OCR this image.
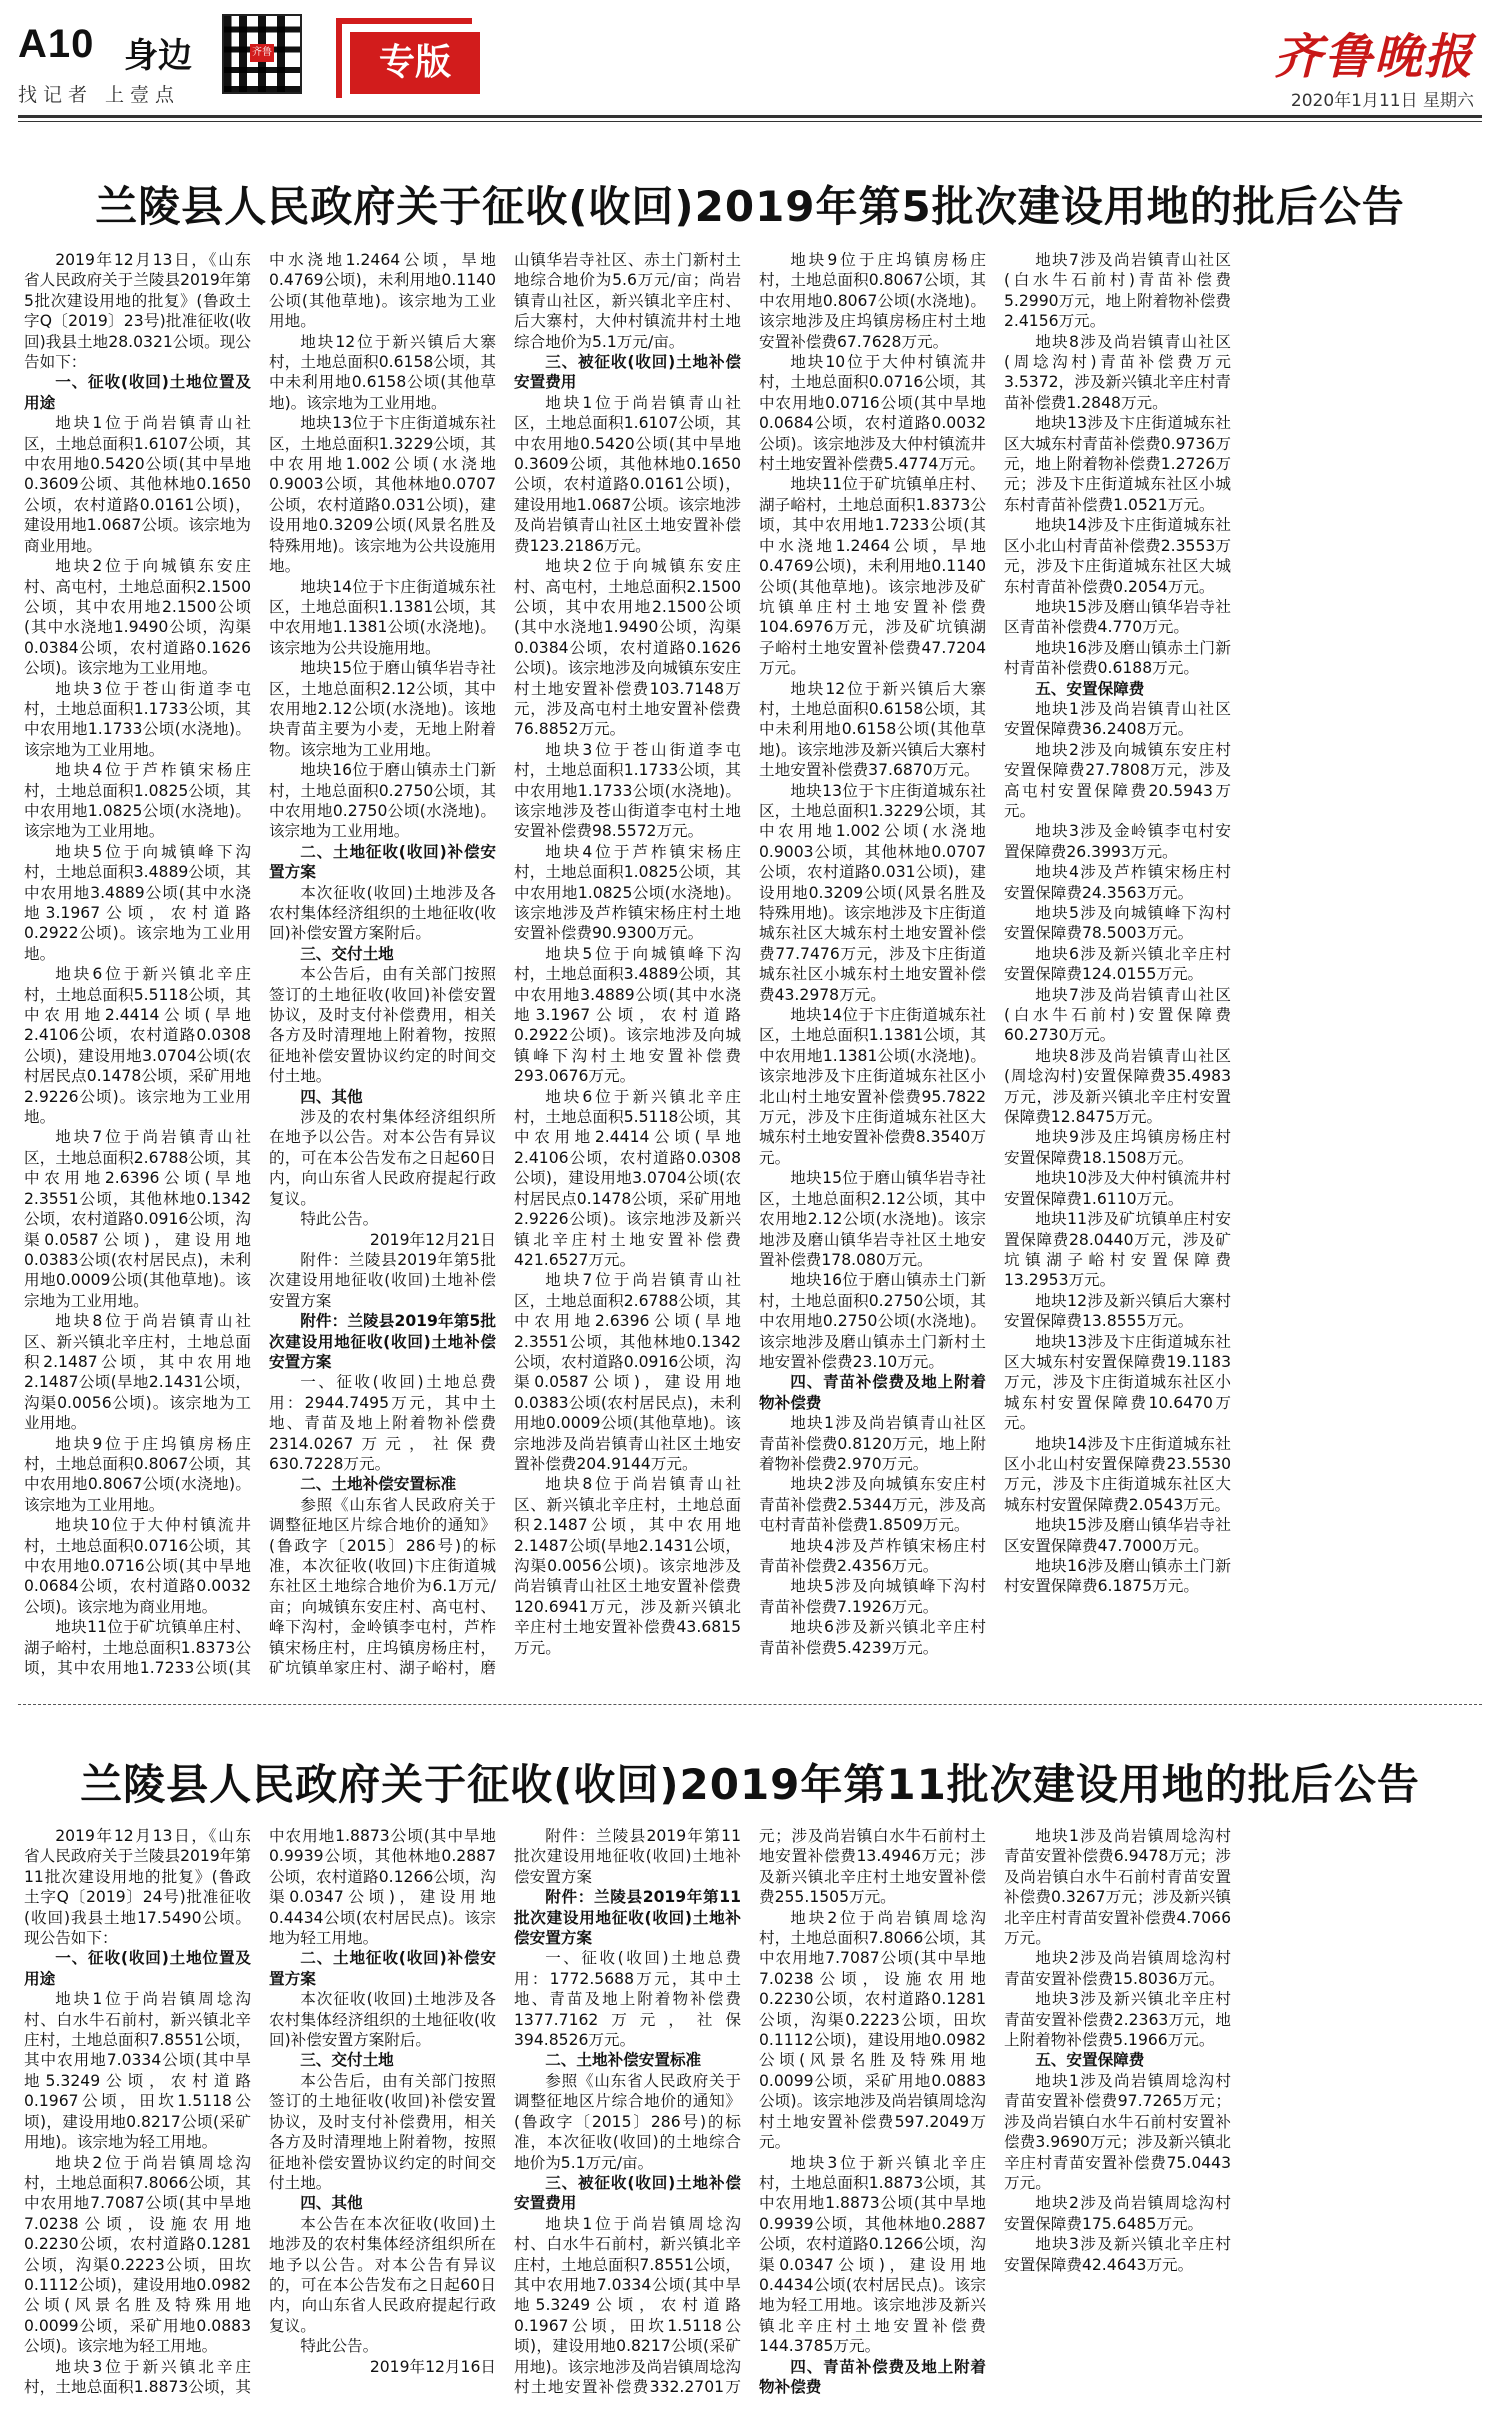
A10 身边
找记者 上壹点
齐鲁	专版	齐鲁晚报
2020年1月11日 星期六
兰陵县人民政府关于征收(收回)2019年第5批次建设用地的批后公告

2019年12月13日，《山东省人民政府关于兰陵县2019年第5批次建设用地的批复》(鲁政土字Q〔2019〕23号)批准征收(收回)我县土地28.0321公顷。现公告如下：

一、征收(收回)土地位置及用途

地块1位于尚岩镇青山社区，土地总面积1.6107公顷，其中农用地0.5420公顷(其中旱地0.3609公顷、其他林地0.1650公顷，农村道路0.0161公顷)，建设用地1.0687公顷。该宗地为商业用地。

地块2位于向城镇东安庄村、高屯村，土地总面积2.1500公顷，其中农用地2.1500公顷(其中水浇地1.9490公顷，沟渠0.0384公顷，农村道路0.1626公顷)。该宗地为工业用地。

地块3位于苍山街道李屯村，土地总面积1.1733公顷，其中农用地1.1733公顷(水浇地)。该宗地为工业用地。

地块4位于芦柞镇宋杨庄村，土地总面积1.0825公顷，其中农用地1.0825公顷(水浇地)。该宗地为工业用地。

地块5位于向城镇峰下沟村，土地总面积3.4889公顷，其中农用地3.4889公顷(其中水浇地3.1967公顷，农村道路0.2922公顷)。该宗地为工业用地。

地块6位于新兴镇北辛庄村，土地总面积5.5118公顷，其中农用地2.4414公顷(旱地2.4106公顷，农村道路0.0308公顷)，建设用地3.0704公顷(农村居民点0.1478公顷，采矿用地2.9226公顷)。该宗地为工业用地。

地块7位于尚岩镇青山社区，土地总面积2.6788公顷，其中农用地2.6396公顷(旱地2.3551公顷，其他林地0.1342公顷，农村道路0.0916公顷，沟渠0.0587公顷)，建设用地0.0383公顷(农村居民点)，未利用地0.0009公顷(其他草地)。该宗地为工业用地。

地块8位于尚岩镇青山社区、新兴镇北辛庄村，土地总面积2.1487公顷，其中农用地2.1487公顷(旱地2.1431公顷，沟渠0.0056公顷)。该宗地为工业用地。

地块9位于庄坞镇房杨庄村，土地总面积0.8067公顷，其中农用地0.8067公顷(水浇地)。该宗地为工业用地。

地块10位于大仲村镇流井村，土地总面积0.0716公顷，其中农用地0.0716公顷(其中旱地0.0684公顷，农村道路0.0032公顷)。该宗地为商业用地。

地块11位于矿坑镇单庄村、湖子峪村，土地总面积1.8373公顷，其中农用地1.7233公顷(其中水浇地1.2464公顷，旱地0.4769公顷)，未利用地0.1140公顷(其他草地)。该宗地为工业用地。

地块12位于新兴镇后大寨村，土地总面积0.6158公顷，其中未利用地0.6158公顷(其他草地)。该宗地为工业用地。

地块13位于卞庄街道城东社区，土地总面积1.3229公顷，其中农用地1.002公顷(水浇地0.9003公顷，其他林地0.0707公顷，农村道路0.031公顷)，建设用地0.3209公顷(风景名胜及特殊用地)。该宗地为公共设施用地。

地块14位于卞庄街道城东社区，土地总面积1.1381公顷，其中农用地1.1381公顷(水浇地)。该宗地为公共设施用地。

地块15位于磨山镇华岩寺社区，土地总面积2.12公顷，其中农用地2.12公顷(水浇地)。该地块青苗主要为小麦，无地上附着物。该宗地为工业用地。

地块16位于磨山镇赤土门新村，土地总面积0.2750公顷，其中农用地0.2750公顷(水浇地)。该宗地为工业用地。

二、土地征收(收回)补偿安置方案

本次征收(收回)土地涉及各农村集体经济组织的土地征收(收回)补偿安置方案附后。

三、交付土地

本公告后，由有关部门按照签订的土地征收(收回)补偿安置协议，及时支付补偿费用，相关各方及时清理地上附着物，按照征地补偿安置协议约定的时间交付土地。

四、其他

涉及的农村集体经济组织所在地予以公告。对本公告有异议的，可在本公告发布之日起60日内，向山东省人民政府提起行政复议。

特此公告。

2019年12月21日

附件：兰陵县2019年第5批次建设用地征收(收回)土地补偿安置方案

附件：兰陵县2019年第5批次建设用地征收(收回)土地补偿安置方案

一、征收(收回)土地总费用：2944.7495万元，其中土地、青苗及地上附着物补偿费2314.0267万元，社保费630.7228万元。

二、土地补偿安置标准

参照《山东省人民政府关于调整征地区片综合地价的通知》(鲁政字〔2015〕286号)的标准，本次征收(收回)卞庄街道城东社区土地综合地价为6.1万元/亩；向城镇东安庄村、高屯村、峰下沟村，金岭镇李屯村，芦柞镇宋杨庄村，庄坞镇房杨庄村，矿坑镇单家庄村、湖子峪村，磨山镇华岩寺社区、赤土门新村土地综合地价为5.6万元/亩；尚岩镇青山社区，新兴镇北辛庄村、后大寨村，大仲村镇流井村土地综合地价为5.1万元/亩。

三、被征收(收回)土地补偿安置费用

地块1位于尚岩镇青山社区，土地总面积1.6107公顷，其中农用地0.5420公顷(其中旱地0.3609公顷，其他林地0.1650公顷，农村道路0.0161公顷)，建设用地1.0687公顷。该宗地涉及尚岩镇青山社区土地安置补偿费123.2186万元。

地块2位于向城镇东安庄村、高屯村，土地总面积2.1500公顷，其中农用地2.1500公顷(其中水浇地1.9490公顷，沟渠0.0384公顷，农村道路0.1626公顷)。该宗地涉及向城镇东安庄村土地安置补偿费103.7148万元，涉及高屯村土地安置补偿费76.8852万元。

地块3位于苍山街道李屯村，土地总面积1.1733公顷，其中农用地1.1733公顷(水浇地)。该宗地涉及苍山街道李屯村土地安置补偿费98.5572万元。

地块4位于芦柞镇宋杨庄村，土地总面积1.0825公顷，其中农用地1.0825公顷(水浇地)。该宗地涉及芦柞镇宋杨庄村土地安置补偿费90.9300万元。

地块5位于向城镇峰下沟村，土地总面积3.4889公顷，其中农用地3.4889公顷(其中水浇地3.1967公顷，农村道路0.2922公顷)。该宗地涉及向城镇峰下沟村土地安置补偿费293.0676万元。

地块6位于新兴镇北辛庄村，土地总面积5.5118公顷，其中农用地2.4414公顷(旱地2.4106公顷，农村道路0.0308公顷)，建设用地3.0704公顷(农村居民点0.1478公顷，采矿用地2.9226公顷)。该宗地涉及新兴镇北辛庄村土地安置补偿费421.6527万元。

地块7位于尚岩镇青山社区，土地总面积2.6788公顷，其中农用地2.6396公顷(旱地2.3551公顷，其他林地0.1342公顷，农村道路0.0916公顷，沟渠0.0587公顷)，建设用地0.0383公顷(农村居民点)，未利用地0.0009公顷(其他草地)。该宗地涉及尚岩镇青山社区土地安置补偿费204.9144万元。

地块8位于尚岩镇青山社区、新兴镇北辛庄村，土地总面积2.1487公顷，其中农用地2.1487公顷(旱地2.1431公顷，沟渠0.0056公顷)。该宗地涉及尚岩镇青山社区土地安置补偿费120.6941万元，涉及新兴镇北辛庄村土地安置补偿费43.6815万元。

地块9位于庄坞镇房杨庄村，土地总面积0.8067公顷，其中农用地0.8067公顷(水浇地)。该宗地涉及庄坞镇房杨庄村土地安置补偿费67.7628万元。

地块10位于大仲村镇流井村，土地总面积0.0716公顷，其中农用地0.0716公顷(其中旱地0.0684公顷，农村道路0.0032公顷)。该宗地涉及大仲村镇流井村土地安置补偿费5.4774万元。

地块11位于矿坑镇单庄村、湖子峪村，土地总面积1.8373公顷，其中农用地1.7233公顷(其中水浇地1.2464公顷，旱地0.4769公顷)，未利用地0.1140公顷(其他草地)。该宗地涉及矿坑镇单庄村土地安置补偿费104.6976万元，涉及矿坑镇湖子峪村土地安置补偿费47.7204万元。

地块12位于新兴镇后大寨村，土地总面积0.6158公顷，其中未利用地0.6158公顷(其他草地)。该宗地涉及新兴镇后大寨村土地安置补偿费37.6870万元。

地块13位于卞庄街道城东社区，土地总面积1.3229公顷，其中农用地1.002公顷(水浇地0.9003公顷，其他林地0.0707公顷，农村道路0.031公顷)，建设用地0.3209公顷(风景名胜及特殊用地)。该宗地涉及卞庄街道城东社区大城东村土地安置补偿费77.7476万元，涉及卞庄街道城东社区小城东村土地安置补偿费43.2978万元。

地块14位于卞庄街道城东社区，土地总面积1.1381公顷，其中农用地1.1381公顷(水浇地)。该宗地涉及卞庄街道城东社区小北山村土地安置补偿费95.7822万元，涉及卞庄街道城东社区大城东村土地安置补偿费8.3540万元。

地块15位于磨山镇华岩寺社区，土地总面积2.12公顷，其中农用地2.12公顷(水浇地)。该宗地涉及磨山镇华岩寺社区土地安置补偿费178.080万元。

地块16位于磨山镇赤土门新村，土地总面积0.2750公顷，其中农用地0.2750公顷(水浇地)。该宗地涉及磨山镇赤土门新村土地安置补偿费23.10万元。

四、青苗补偿费及地上附着物补偿费

地块1涉及尚岩镇青山社区青苗补偿费0.8120万元，地上附着物补偿费2.970万元。

地块2涉及向城镇东安庄村青苗补偿费2.5344万元，涉及高屯村青苗补偿费1.8509万元。

地块4涉及芦柞镇宋杨庄村青苗补偿费2.4356万元。

地块5涉及向城镇峰下沟村青苗补偿费7.1926万元。

地块6涉及新兴镇北辛庄村青苗补偿费5.4239万元。

地块7涉及尚岩镇青山社区(白水牛石前村)青苗补偿费5.2990万元，地上附着物补偿费2.4156万元。

地块8涉及尚岩镇青山社区(周埝沟村)青苗补偿费万元3.5372，涉及新兴镇北辛庄村青苗补偿费1.2848万元。

地块13涉及卞庄街道城东社区大城东村青苗补偿费0.9736万元，地上附着物补偿费1.2726万元；涉及卞庄街道城东社区小城东村青苗补偿费1.0521万元。

地块14涉及卞庄街道城东社区小北山村青苗补偿费2.3553万元，涉及卞庄街道城东社区大城东村青苗补偿费0.2054万元。

地块15涉及磨山镇华岩寺社区青苗补偿费4.770万元。

地块16涉及磨山镇赤土门新村青苗补偿费0.6188万元。

五、安置保障费

地块1涉及尚岩镇青山社区安置保障费36.2408万元。

地块2涉及向城镇东安庄村安置保障费27.7808万元，涉及高屯村安置保障费20.5943万元。

地块3涉及金岭镇李屯村安置保障费26.3993万元。

地块4涉及芦柞镇宋杨庄村安置保障费24.3563万元。

地块5涉及向城镇峰下沟村安置保障费78.5003万元。

地块6涉及新兴镇北辛庄村安置保障费124.0155万元。

地块7涉及尚岩镇青山社区(白水牛石前村)安置保障费60.2730万元。

地块8涉及尚岩镇青山社区(周埝沟村)安置保障费35.4983万元，涉及新兴镇北辛庄村安置保障费12.8475万元。

地块9涉及庄坞镇房杨庄村安置保障费18.1508万元。

地块10涉及大仲村镇流井村安置保障费1.6110万元。

地块11涉及矿坑镇单庄村安置保障费28.0440万元，涉及矿坑镇湖子峪村安置保障费13.2953万元。

地块12涉及新兴镇后大寨村安置保障费13.8555万元。

地块13涉及卞庄街道城东社区大城东村安置保障费19.1183万元，涉及卞庄街道城东社区小城东村安置保障费10.6470万元。

地块14涉及卞庄街道城东社区小北山村安置保障费23.5530万元，涉及卞庄街道城东社区大城东村安置保障费2.0543万元。

地块15涉及磨山镇华岩寺社区安置保障费47.7000万元。

地块16涉及磨山镇赤土门新村安置保障费6.1875万元。

兰陵县人民政府关于征收(收回)2019年第11批次建设用地的批后公告

2019年12月13日，《山东省人民政府关于兰陵县2019年第11批次建设用地的批复》(鲁政土字Q〔2019〕24号)批准征收(收回)我县土地17.5490公顷。现公告如下：

一、征收(收回)土地位置及用途

地块1位于尚岩镇周埝沟村、白水牛石前村，新兴镇北辛庄村，土地总面积7.8551公顷，其中农用地7.0334公顷(其中旱地5.3249公顷，农村道路0.1967公顷，田坎1.5118公顷)，建设用地0.8217公顷(采矿用地)。该宗地为轻工用地。

地块2位于尚岩镇周埝沟村，土地总面积7.8066公顷，其中农用地7.7087公顷(其中旱地7.0238公顷，设施农用地0.2230公顷，农村道路0.1281公顷，沟渠0.2223公顷，田坎0.1112公顷)，建设用地0.0982公顷(风景名胜及特殊用地0.0099公顷，采矿用地0.0883公顷)。该宗地为轻工用地。

地块3位于新兴镇北辛庄村，土地总面积1.8873公顷，其中农用地1.8873公顷(其中旱地0.9939公顷，其他林地0.2887公顷，农村道路0.1266公顷，沟渠0.0347公顷)，建设用地0.4434公顷(农村居民点)。该宗地为轻工用地。

二、土地征收(收回)补偿安置方案

本次征收(收回)土地涉及各农村集体经济组织的土地征收(收回)补偿安置方案附后。

三、交付土地

本公告后，由有关部门按照签订的土地征收(收回)补偿安置协议，及时支付补偿费用，相关各方及时清理地上附着物，按照征地补偿安置协议约定的时间交付土地。

四、其他

本公告在本次征收(收回)土地涉及的农村集体经济组织所在地予以公告。对本公告有异议的，可在本公告发布之日起60日内，向山东省人民政府提起行政复议。

特此公告。

2019年12月16日

附件：兰陵县2019年第11批次建设用地征收(收回)土地补偿安置方案

附件：兰陵县2019年第11批次建设用地征收(收回)土地补偿安置方案

一、征收(收回)土地总费用：1772.5688万元，其中土地、青苗及地上附着物补偿费1377.7162万元，社保394.8526万元。

二、土地补偿安置标准

参照《山东省人民政府关于调整征地区片综合地价的通知》(鲁政字〔2015〕286号)的标准，本次征收(收回)的土地综合地价为5.1万元/亩。

三、被征收(收回)土地补偿安置费用

地块1位于尚岩镇周埝沟村、白水牛石前村，新兴镇北辛庄村，土地总面积7.8551公顷，其中农用地7.0334公顷(其中旱地5.3249公顷，农村道路0.1967公顷，田坎1.5118公顷)，建设用地0.8217公顷(采矿用地)。该宗地涉及尚岩镇周埝沟村土地安置补偿费332.2701万元；涉及尚岩镇白水牛石前村土地安置补偿费13.4946万元；涉及新兴镇北辛庄村土地安置补偿费255.1505万元。

地块2位于尚岩镇周埝沟村，土地总面积7.8066公顷，其中农用地7.7087公顷(其中旱地7.0238公顷，设施农用地0.2230公顷，农村道路0.1281公顷，沟渠0.2223公顷，田坎0.1112公顷)，建设用地0.0982公顷(风景名胜及特殊用地0.0099公顷，采矿用地0.0883公顷)。该宗地涉及尚岩镇周埝沟村土地安置补偿费597.2049万元。

地块3位于新兴镇北辛庄村，土地总面积1.8873公顷，其中农用地1.8873公顷(其中旱地0.9939公顷，其他林地0.2887公顷，农村道路0.1266公顷，沟渠0.0347公顷)，建设用地0.4434公顷(农村居民点)。该宗地为轻工用地。该宗地涉及新兴镇北辛庄村土地安置补偿费144.3785万元。

四、青苗补偿费及地上附着物补偿费

地块1涉及尚岩镇周埝沟村青苗安置补偿费6.9478万元；涉及尚岩镇白水牛石前村青苗安置补偿费0.3267万元；涉及新兴镇北辛庄村青苗安置补偿费4.7066万元。

地块2涉及尚岩镇周埝沟村青苗安置补偿费15.8036万元。

地块3涉及新兴镇北辛庄村青苗安置补偿费2.2363万元，地上附着物补偿费5.1966万元。

五、安置保障费

地块1涉及尚岩镇周埝沟村青苗安置补偿费97.7265万元；涉及尚岩镇白水牛石前村安置补偿费3.9690万元；涉及新兴镇北辛庄村青苗安置补偿费75.0443万元。

地块2涉及尚岩镇周埝沟村安置保障费175.6485万元。

地块3涉及新兴镇北辛庄村安置保障费42.4643万元。
